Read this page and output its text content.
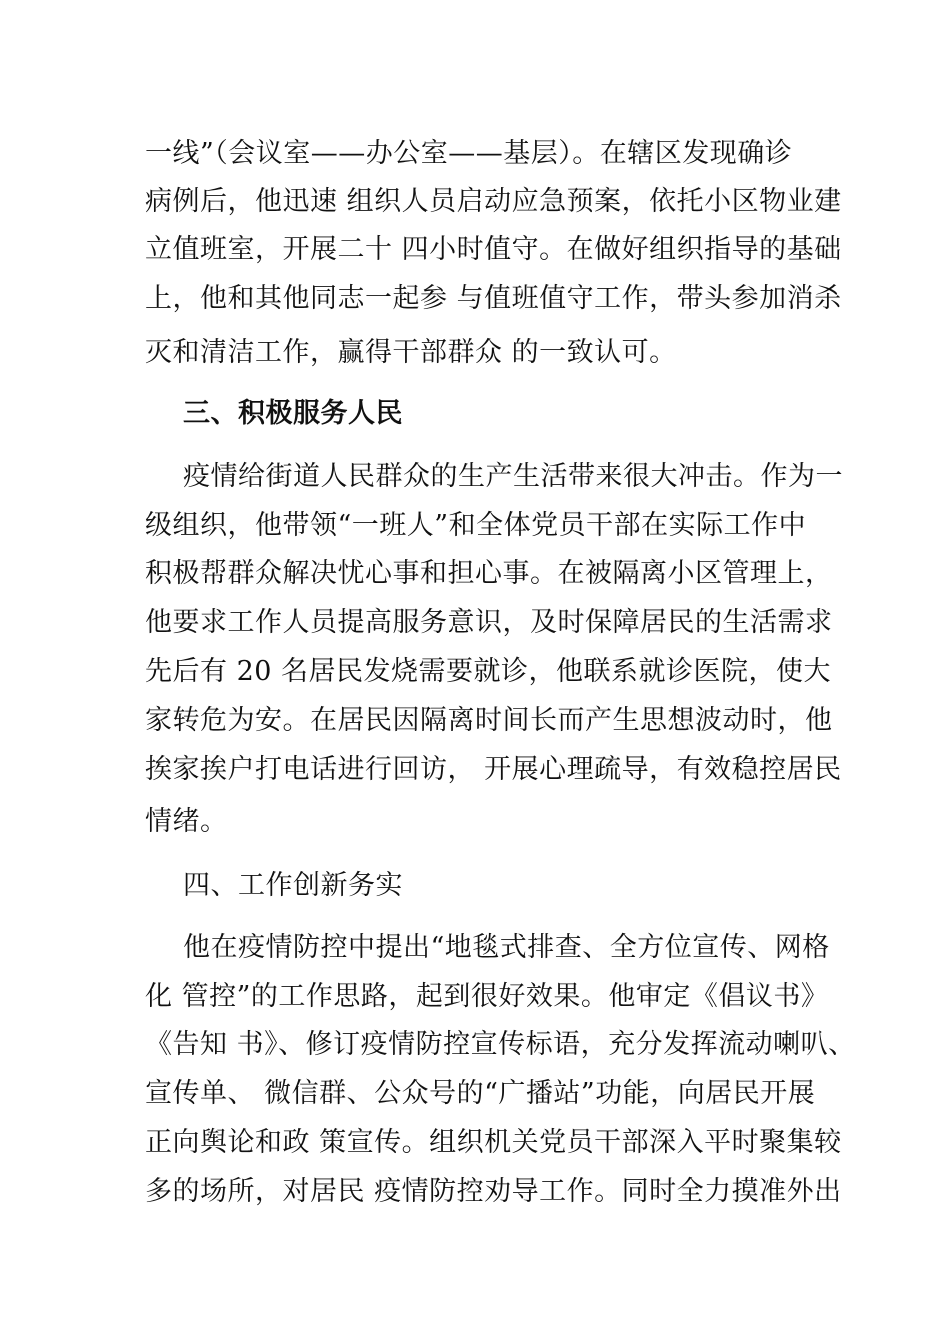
一线”（会议室——办公室——基层）。在辖区发现确诊
病例后，他迅速 组织人员启动应急预案，依托小区物业建
立值班室，开展二十 四小时值守。在做好组织指导的基础
上，他和其他同志一起参 与值班值守工作，带头参加消杀
灭和清洁工作，赢得干部群众 的一致认可。
三、积极服务人民
疫情给街道人民群众的生产生活带来很大冲击。作为一
级组织，他带领“一班人”和全体党员干部在实际工作中
积极帮群众解决忧心事和担心事。在被隔离小区管理上，
他要求工作人员提高服务意识，及时保障居民的生活需求
先后有 20 名居民发烧需要就诊，他联系就诊医院，使大
家转危为安。在居民因隔离时间长而产生思想波动时，他
挨家挨户打电话进行回访， 开展心理疏导，有效稳控居民
情绪。
四、工作创新务实
他在疫情防控中提出“地毯式排查、全方位宣传、网格
化 管控”的工作思路，起到很好效果。他审定《倡议书》
《告知 书》、修订疫情防控宣传标语，充分发挥流动喇叭、
宣传单、 微信群、公众号的“广播站”功能，向居民开展
正向舆论和政 策宣传。组织机关党员干部深入平时聚集较
多的场所，对居民 疫情防控劝导工作。同时全力摸准外出
